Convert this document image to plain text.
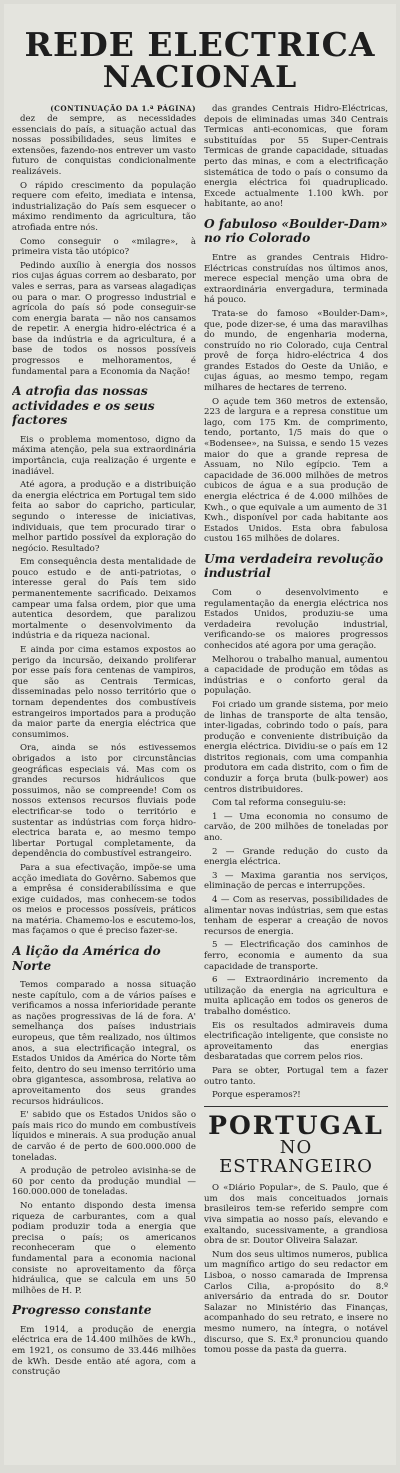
REDE ELECTRICA
NACIONAL
(CONTINUAÇÃO DA 1.ª PÁGINA)

dez de sempre, as necessidades essenciais do país, a situação actual das nossas possibilidades, seus limites e extensões, fazendo-nos entrever um vasto futuro de conquistas condicionalmente realizáveis.

O rápido crescimento da população requere com efeito, imediata e intensa, industrialização do País sem esquecer o máximo rendimento da agricultura, tão atrofiada entre nós.

Como conseguir o «milagre», à primeira vista tão utópico?

Pedindo auxílio à energia dos nossos rios cujas águas correm ao desbarato, por vales e serras, para as varseas alagadiças ou para o mar. O progresso industrial e agrícola do país só pode conseguir-se com energia barata — não nos cansamos de repetir. A energia hidro-eléctrica é a base da indústria e da agricultura, é a base de todos os nossos possíveis progressos e melhoramentos, é fundamental para a Economia da Nação!

A atrofia das nossas actividades e os seus factores

Eis o problema momentoso, digno da máxima atenção, pela sua extraordinária importância, cuja realização é urgente e inadiável.

Até agora, a produção e a distribuição da energia eléctrica em Portugal tem sido feita ao sabor do capricho, particular, segundo o interesse de iniciativas, individuais, que tem procurado tirar o melhor partido possível da exploração do negócio. Resultado?

Em consequência desta mentalidade de pouco estudo e de anti-patriotas, o interesse geral do País tem sido permanentemente sacrificado. Deixamos campear uma falsa ordem, pior que uma autentica desordem, que paralizou mortalmente o desenvolvimento da indústria e da riqueza nacional.

E ainda por cima estamos expostos ao perigo da incursão, deixando proliferar por esse país fora centenas de vampiros, que são as Centrais Termicas, disseminadas pelo nosso território que o tornam dependentes dos combustíveis estrangeiros importados para a produção da maior parte da energia eléctrica que consumimos.

Ora, ainda se nós estivessemos obrigados a isto por circunstâncias geográficas especiais vá. Mas com os grandes recursos hidráulicos que possuimos, não se compreende! Com os nossos extensos recursos fluviais pode electrificar-se todo o território e sustentar as indústrias com força hidro-electrica barata e, ao mesmo tempo libertar Portugal completamente, da dependência do combustível estrangeiro.

Para a sua efectivação, impõe-se uma acção imediata do Govêrno. Sabemos que a emprêsa é considerabilíssima e que exige cuidados, mas conhecem-se todos os meios e processos possíveis, práticos na matéria. Chamemo-los e escutemo-los, mas façamos o que é preciso fazer-se.

A lição da América do Norte

Temos comparado a nossa situação neste capítulo, com a de vários países e verificamos a nossa inferioridade perante as nações progressivas de lá de fora. A' semelhança dos países industriais europeus, que têm realizado, nos últimos anos, a sua electrificação integral, os Estados Unidos da América do Norte têm feito, dentro do seu imenso território uma obra gigantesca, assombrosa, relativa ao aproveitamento dos seus grandes recursos hidráulicos.

E' sabido que os Estados Unidos são o país mais rico do mundo em combustíveis líquidos e minerais. A sua produção anual de carvão é de perto de 600.000.000 de toneladas.

A produção de petroleo avisinha-se de 60 por cento da produção mundial — 160.000.000 de toneladas.

No entanto dispondo desta imensa riqueza de carburantes, com a qual podiam produzir toda a energia que precisa o país; os americanos reconheceram que o elemento fundamental para a economia nacional consiste no aproveitamento da fôrça hidráulica, que se calcula em uns 50 milhões de H. P.

Progresso constante

Em 1914, a produção de energia eléctrica era de 14.400 milhões de kWh., em 1921, os consumo de 33.446 milhões de kWh. Desde então até agora, com a construção

das grandes Centrais Hidro-Eléctricas, depois de eliminadas umas 340 Centrais Termicas anti-economicas, que foram substituídas por 55 Super-Centrais Termicas de grande capacidade, situadas perto das minas, e com a electrificação sistemática de todo o país o consumo da energia eléctrica foi quadruplicado. Excede actualmente 1.100 kWh. por habitante, ao ano!

O fabuloso «Boulder-Dam» no rio Colorado

Entre as grandes Centrais Hidro-Eléctricas construídas nos últimos anos, merece especial menção uma obra de extraordinária envergadura, terminada há pouco.

Trata-se do famoso «Boulder-Dam», que, pode dizer-se, é uma das maravilhas do mundo, de engenharia moderna, construído no rio Colorado, cuja Central provê de força hidro-eléctrica 4 dos grandes Estados do Oeste da União, e cujas águas, ao mesmo tempo, regam milhares de hectares de terreno.

O açude tem 360 metros de extensão, 223 de largura e a represa constitue um lago, com 175 Km. de comprimento, tendo, portanto, 1/5 mais do que o «Bodensee», na Suissa, e sendo 15 vezes maior do que a grande represa de Assuam, no Nilo egípcio. Tem a capacidade de 36.000 milhões de metros cubicos de água e a sua produção de energia eléctrica é de 4.000 milhões de Kwh., o que equivale a um aumento de 31 Kwh., disponível por cada habitante aos Estados Unidos. Esta obra fabulosa custou 165 milhões de dolares.

Uma verdadeira revolução industrial

Com o desenvolvimento e regulamentação da energia eléctrica nos Estados Unidos, produziu-se uma verdadeira revolução industrial, verificando-se os maiores progressos conhecidos até agora por uma geração.

Melhorou o trabalho manual, aumentou a capacidade de produção em tôdas as indústrias e o conforto geral da população.

Foi criado um grande sistema, por meio de linhas de transporte de alta tensão, inter-ligadas, cobrindo todo o país, para produção e conveniente distribuição da energia eléctrica. Dividiu-se o país em 12 distritos regionais, com uma companhia produtora em cada distrito, com o fim de conduzir a força bruta (bulk-power) aos centros distribuidores.

Com tal reforma conseguiu-se:

1 — Uma economia no consumo de carvão, de 200 milhões de toneladas por ano.

2 — Grande redução do custo da energia eléctrica.

3 — Maxima garantia nos serviços, eliminação de percas e interrupções.

4 — Com as reservas, possibilidades de alimentar novas indústrias, sem que estas tenham de esperar a creação de novos recursos de energia.

5 — Electrificação dos caminhos de ferro, economia e aumento da sua capacidade de transporte.

6 — Extraordinário incremento da utilização da energia na agricultura e muita aplicação em todos os generos de trabalho doméstico.

Eis os resultados admiraveis duma electrificação inteligente, que consiste no aproveitamento das energias desbaratadas que correm pelos rios.

Para se obter, Portugal tem a fazer outro tanto.

Porque esperamos?!

PORTUGAL
NO ESTRANGEIRO

O «Diário Popular», de S. Paulo, que é um dos mais conceituados jornais brasileiros tem-se referido sempre com viva simpatia ao nosso país, elevando e exaltando, sucessivamente, a grandiosa obra de sr. Doutor Oliveira Salazar.

Num dos seus ultimos numeros, publica um magnífico artigo do seu redactor em Lisboa, o nosso camarada de Imprensa Carlos Cilia, a-propósito do 8.º aniversário da entrada do sr. Doutor Salazar no Ministério das Finanças, acompanhado do seu retrato, e insere no mesmo numero, na íntegra, o notável discurso, que S. Ex.ª pronunciou quando tomou posse da pasta da guerra.
